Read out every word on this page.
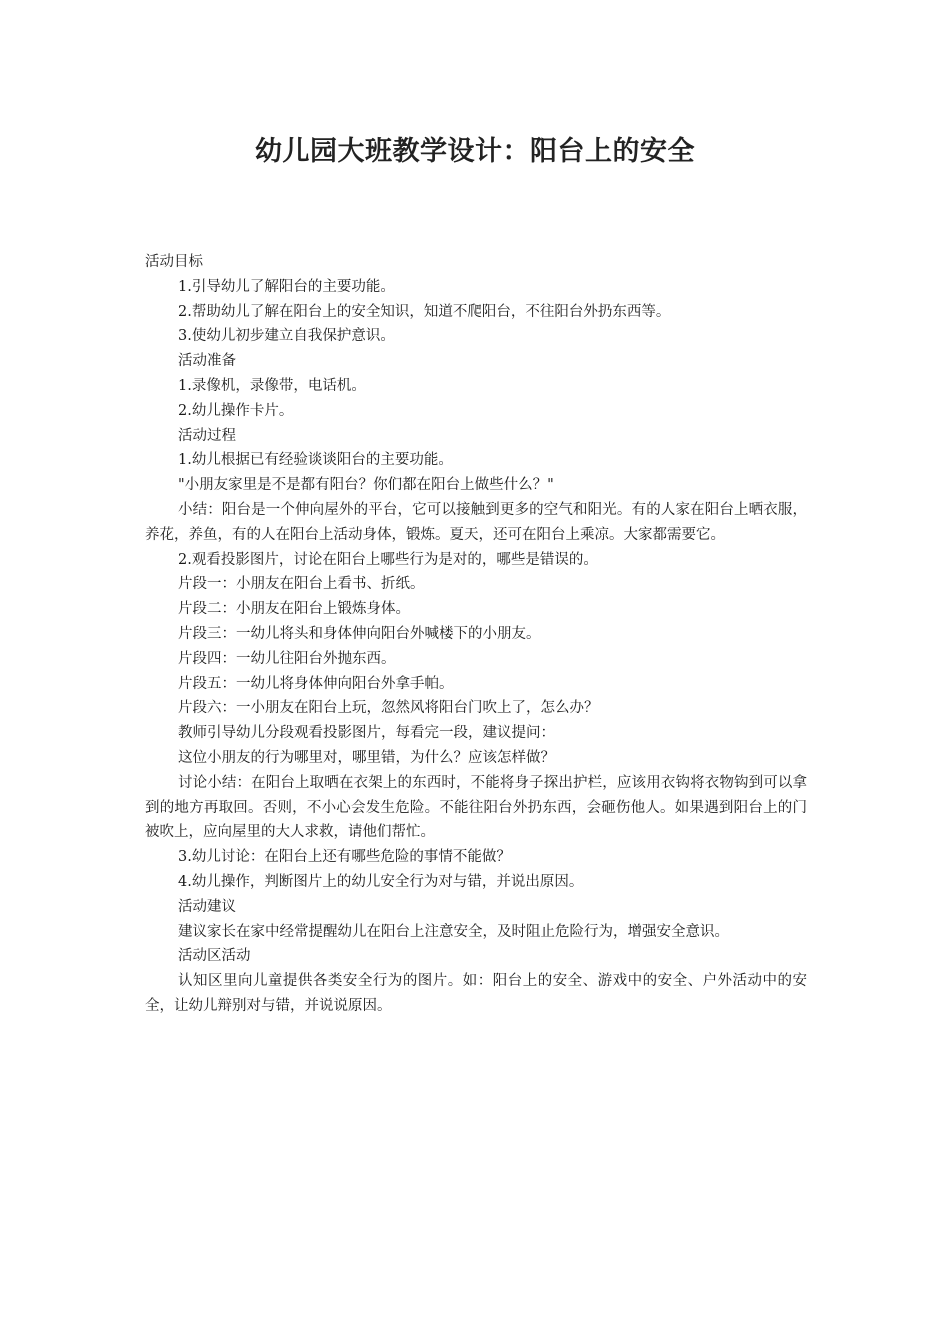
幼儿园大班教学设计：阳台上的安全

活动目标

1.引导幼儿了解阳台的主要功能。

2.帮助幼儿了解在阳台上的安全知识，知道不爬阳台，不往阳台外扔东西等。

3.使幼儿初步建立自我保护意识。

活动准备

1.录像机，录像带，电话机。

2.幼儿操作卡片。

活动过程

1.幼儿根据已有经验谈谈阳台的主要功能。

"小朋友家里是不是都有阳台？你们都在阳台上做些什么？"

小结：阳台是一个伸向屋外的平台，它可以接触到更多的空气和阳光。有的人家在阳台上晒衣服，养花，养鱼，有的人在阳台上活动身体，锻炼。夏天，还可在阳台上乘凉。大家都需要它。

2.观看投影图片，讨论在阳台上哪些行为是对的，哪些是错误的。

片段一：小朋友在阳台上看书、折纸。

片段二：小朋友在阳台上锻炼身体。

片段三：一幼儿将头和身体伸向阳台外喊楼下的小朋友。

片段四：一幼儿往阳台外抛东西。

片段五：一幼儿将身体伸向阳台外拿手帕。

片段六：一小朋友在阳台上玩，忽然风将阳台门吹上了，怎么办？

教师引导幼儿分段观看投影图片，每看完一段，建议提问：

这位小朋友的行为哪里对，哪里错，为什么？应该怎样做？

讨论小结：在阳台上取晒在衣架上的东西时，不能将身子探出护栏，应该用衣钩将衣物钩到可以拿到的地方再取回。否则，不小心会发生危险。不能往阳台外扔东西，会砸伤他人。如果遇到阳台上的门被吹上，应向屋里的大人求救，请他们帮忙。

3.幼儿讨论：在阳台上还有哪些危险的事情不能做？

4.幼儿操作，判断图片上的幼儿安全行为对与错，并说出原因。

活动建议

建议家长在家中经常提醒幼儿在阳台上注意安全，及时阻止危险行为，增强安全意识。

活动区活动

认知区里向儿童提供各类安全行为的图片。如：阳台上的安全、游戏中的安全、户外活动中的安全，让幼儿辩别对与错，并说说原因。
